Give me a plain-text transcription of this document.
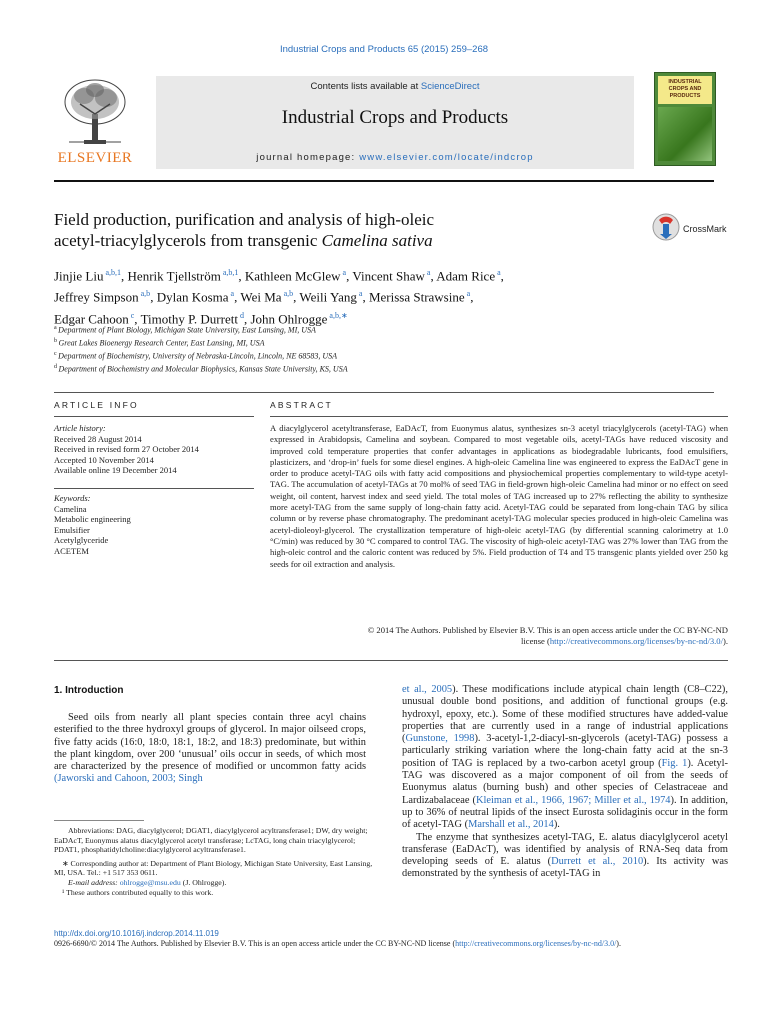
Industrial Crops and Products 65 (2015) 259–268
ELSEVIER
Contents lists available at ScienceDirect
Industrial Crops and Products
journal homepage: www.elsevier.com/locate/indcrop
INDUSTRIAL CROPS AND PRODUCTS
Field production, purification and analysis of high-oleic
acetyl-triacylglycerols from transgenic Camelina sativa
CrossMark
Jinjie Liu $^{a,b,1}$, Henrik Tjellström $^{a,b,1}$, Kathleen McGlew $^a$, Vincent Shaw $^a$, Adam Rice $^a$,
Jeffrey Simpson $^{a,b}$, Dylan Kosma $^a$, Wei Ma $^{a,b}$, Weili Yang $^a$, Merissa Strawsine $^a$,
Edgar Cahoon $^c$, Timothy P. Durrett $^d$, John Ohlrogge $^{a,b,∗}$
$^a$ Department of Plant Biology, Michigan State University, East Lansing, MI, USA
$^b$ Great Lakes Bioenergy Research Center, East Lansing, MI, USA
$^c$ Department of Biochemistry, University of Nebraska-Lincoln, Lincoln, NE 68583, USA
$^d$ Department of Biochemistry and Molecular Biophysics, Kansas State University, KS, USA
ARTICLE INFO
Article history:
Received 28 August 2014
Received in revised form 27 October 2014
Accepted 10 November 2014
Available online 19 December 2014
Keywords:
Camelina
Metabolic engineering
Emulsifier
Acetylglyceride
ACETEM
ABSTRACT
A diacylglycerol acetyltransferase, EaDAcT, from Euonymus alatus, synthesizes sn-3 acetyl triacylglycerols (acetyl-TAG) when expressed in Arabidopsis, Camelina and soybean. Compared to most vegetable oils, acetyl-TAGs have reduced viscosity and improved cold temperature properties that confer advantages in applications as biodegradable lubricants, food emulsifiers, plasticizers, and ‘drop-in’ fuels for some diesel engines. A high-oleic Camelina line was engineered to express the EaDAcT gene in order to produce acetyl-TAG oils with fatty acid compositions and physiochemical properties complementary to wild-type acetyl-TAG. The accumulation of acetyl-TAGs at 70 mol% of seed TAG in field-grown high-oleic Camelina had minor or no effect on seed weight, oil content, harvest index and seed yield. The total moles of TAG increased up to 27% reflecting the ability to synthesize more acetyl-TAG from the same supply of long-chain fatty acid. Acetyl-TAG could be separated from long-chain TAG by silica column or by reverse phase chromatography. The predominant acetyl-TAG molecular species produced in high-oleic Camelina was acetyl-dioleoyl-glycerol. The crystallization temperature of high-oleic acetyl-TAG (by differential scanning calorimetry at 1.0 °C/min) was reduced by 30 °C compared to control TAG. The viscosity of high-oleic acetyl-TAG was 27% lower than TAG from the high-oleic control and the caloric content was reduced by 5%. Field production of T4 and T5 transgenic plants yielded over 250 kg seeds for oil extraction and analysis.
© 2014 The Authors. Published by Elsevier B.V. This is an open access article under the CC BY-NC-ND
license (http://creativecommons.org/licenses/by-nc-nd/3.0/).
1. Introduction
Seed oils from nearly all plant species contain three acyl chains esterified to the three hydroxyl groups of glycerol. In major oilseed crops, five fatty acids (16:0, 18:0, 18:1, 18:2, and 18:3) predominate, but within the plant kingdom, over 200 ‘unusual’ oils occur in seeds, of which most are characterized by the presence of modified or uncommon fatty acids (Jaworski and Cahoon, 2003; Singh
et al., 2005). These modifications include atypical chain length (C8–C22), unusual double bond positions, and addition of functional groups (e.g. hydroxyl, epoxy, etc.). Some of these modified structures have added-value properties that are currently used in a range of industrial applications (Gunstone, 1998). 3-acetyl-1,2-diacyl-sn-glycerols (acetyl-TAG) possess a particularly striking variation where the long-chain fatty acid at the sn-3 position of TAG is replaced by a two-carbon acetyl group (Fig. 1). Acetyl-TAG was discovered as a major component of oil from the seeds of Euonymus alatus (burning bush) and other species of Celastraceae and Lardizabalaceae (Kleiman et al., 1966, 1967; Miller et al., 1974). In addition, up to 36% of neutral lipids of the insect Eurosta solidaginis occur in the form of acetyl-TAG (Marshall et al., 2014).
The enzyme that synthesizes acetyl-TAG, E. alatus diacylglycerol acetyl transferase (EaDAcT), was identified by analysis of RNA-Seq data from developing seeds of E. alatus (Durrett et al., 2010). Its activity was demonstrated by the synthesis of acetyl-TAG in
Abbreviations: DAG, diacylglycerol; DGAT1, diacylglycerol acyltransferase1; DW, dry weight; EaDAcT, Euonymus alatus diacylglycerol acetyl transferase; LcTAG, long chain triacylglycerol; PDAT1, phosphatidylcholine:diacylglycerol acyltransferase1.
∗ Corresponding author at: Department of Plant Biology, Michigan State University, East Lansing, MI, USA. Tel.: +1 517 353 0611.
E-mail address: ohlrogge@msu.edu (J. Ohlrogge).
¹ These authors contributed equally to this work.
http://dx.doi.org/10.1016/j.indcrop.2014.11.019
0926-6690/© 2014 The Authors. Published by Elsevier B.V. This is an open access article under the CC BY-NC-ND license (http://creativecommons.org/licenses/by-nc-nd/3.0/).
